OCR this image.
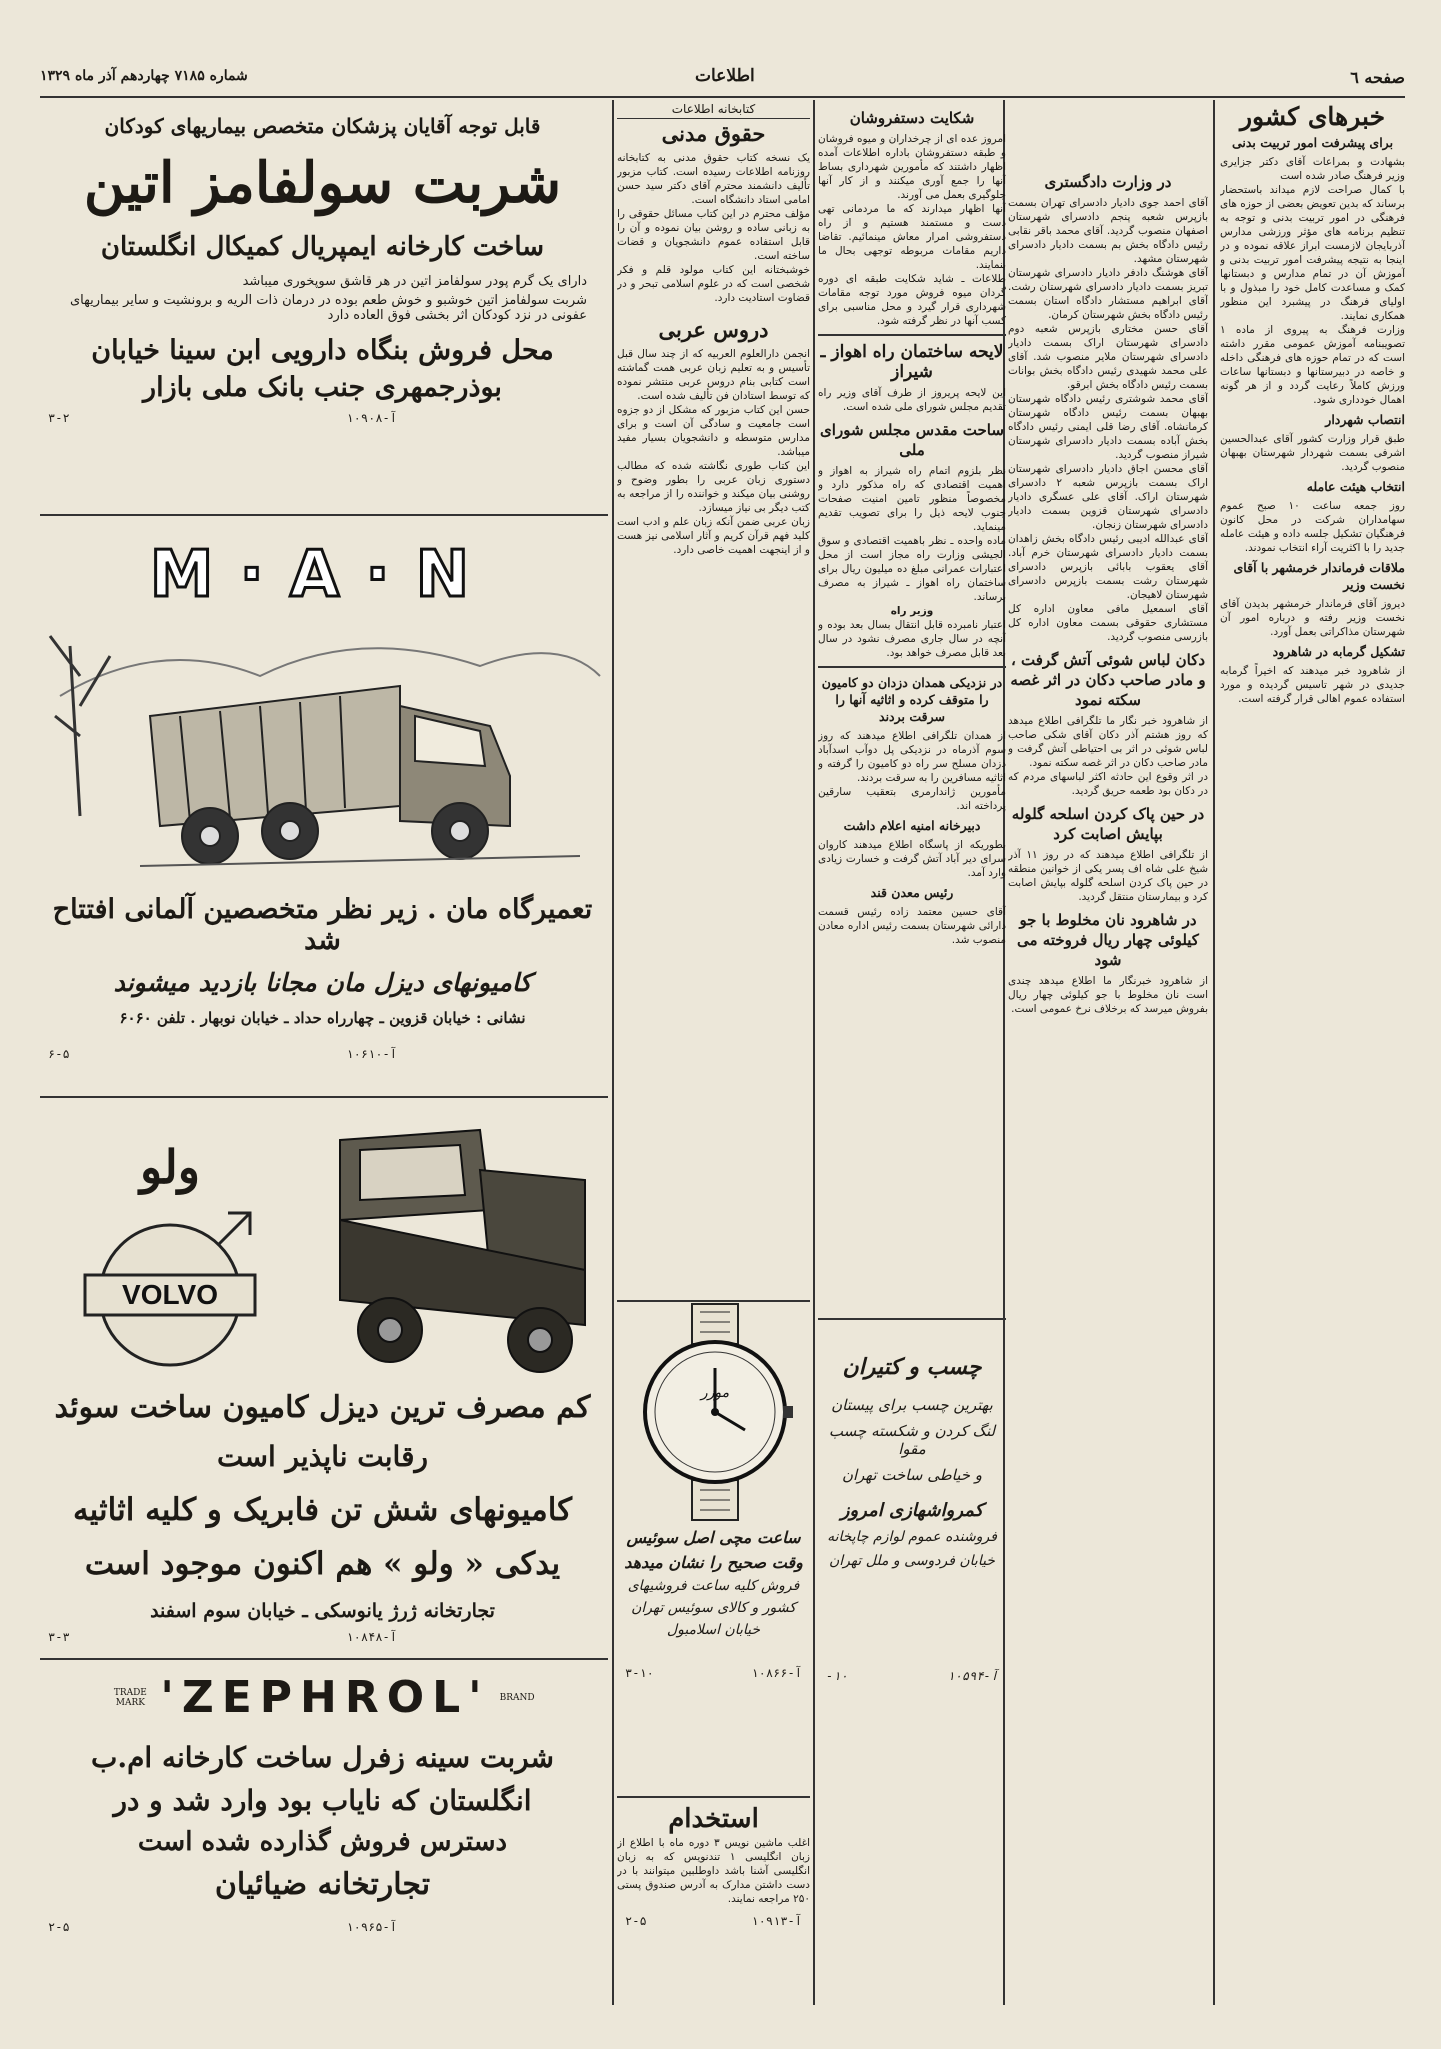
صفحه ٦
اطلاعات
شماره ۷۱۸۵ چهاردهم آذر ماه ۱۳۲۹
خبرهای کشور
برای پیشرفت امور تربیت بدنی

بشهادت و بمراعات آقای دکتر جزایری وزیر فرهنگ صادر شده است

با کمال صراحت لازم میداند باستحضار برساند که بدین تعویض بعضی از حوزه های فرهنگی در امور تربیت بدنی و توجه به تنظیم برنامه های مؤثر ورزشی مدارس آذربایجان لازمست ابراز علاقه نموده و در اینجا به نتیجه پیشرفت امور تربیت بدنی و آموزش آن در تمام مدارس و دبستانها کمک و مساعدت کامل خود را مبذول و با اولیای فرهنگ در پیشبرد این منظور همکاری نمایند.

وزارت فرهنگ به پیروی از ماده ۱ تصویبنامه آموزش عمومی مقرر داشته است که در تمام حوزه های فرهنگی داخله و خاصه در دبیرستانها و دبستانها ساعات ورزش کاملاً رعایت گردد و از هر گونه اهمال خودداری شود.

انتصاب شهردار

طبق قرار وزارت کشور آقای عبدالحسین اشرفی بسمت شهردار شهرستان بهبهان منصوب گردید.

انتخاب هیئت عامله

روز جمعه ساعت ۱۰ صبح عموم سهامداران شرکت در محل کانون فرهنگیان تشکیل جلسه داده و هیئت عامله جدید را با اکثریت آراء انتخاب نمودند.

ملاقات فرماندار خرمشهر با آقای نخست وزیر

دیروز آقای فرماندار خرمشهر بدیدن آقای نخست وزیر رفته و درباره امور آن شهرستان مذاکراتی بعمل آورد.

تشکیل گرمابه در شاهرود

از شاهرود خبر میدهند که اخیراً گرمابه جدیدی در شهر تاسیس گردیده و مورد استفاده عموم اهالی قرار گرفته است.

در وزارت دادگستری

آقای احمد جوی دادیار دادسرای تهران بسمت بازپرس شعبه پنجم دادسرای شهرستان اصفهان منصوب گردید. آقای محمد باقر نقابی رئیس دادگاه بخش بم بسمت دادیار دادسرای شهرستان مشهد.

آقای هوشنگ دادفر دادیار دادسرای شهرستان تبریز بسمت دادیار دادسرای شهرستان رشت. آقای ابراهیم مستشار دادگاه استان بسمت رئیس دادگاه بخش شهرستان کرمان.

آقای حسن مختاری بازپرس شعبه دوم دادسرای شهرستان اراک بسمت دادیار دادسرای شهرستان ملایر منصوب شد. آقای علی محمد شهیدی رئیس دادگاه بخش بوانات بسمت رئیس دادگاه بخش ابرقو.

آقای محمد شوشتری رئیس دادگاه شهرستان بهبهان بسمت رئیس دادگاه شهرستان کرمانشاه. آقای رضا قلی ایمنی رئیس دادگاه بخش آباده بسمت دادیار دادسرای شهرستان شیراز منصوب گردید.

آقای محسن اجاق دادیار دادسرای شهرستان اراک بسمت بازپرس شعبه ۲ دادسرای شهرستان اراک. آقای علی عسگری دادیار دادسرای شهرستان قزوین بسمت دادیار دادسرای شهرستان زنجان.

آقای عبدالله ادیبی رئیس دادگاه بخش زاهدان بسمت دادیار دادسرای شهرستان خرم آباد. آقای یعقوب بابائی بازپرس دادسرای شهرستان رشت بسمت بازپرس دادسرای شهرستان لاهیجان.

آقای اسمعیل مافی معاون اداره کل مستشاری حقوقی بسمت معاون اداره کل بازرسی منصوب گردید.

دکان لباس شوئی آتش گرفت ، و مادر صاحب دکان در اثر غصه سکته نمود

از شاهرود خبر نگار ما تلگرافی اطلاع میدهد که روز هشتم آذر دکان آقای شکی صاحب لباس شوئی در اثر بی احتیاطی آتش گرفت و مادر صاحب دکان در اثر غصه سکته نمود.

در اثر وقوع این حادثه اکثر لباسهای مردم که در دکان بود طعمه حریق گردید.

در حین پاک کردن اسلحه گلوله بپایش اصابت کرد

از تلگرافی اطلاع میدهند که در روز ۱۱ آذر شیخ علی شاه اف پسر یکی از خوانین منطقه در حین پاک کردن اسلحه گلوله بپایش اصابت کرد و بیمارستان منتقل گردید.

در شاهرود نان مخلوط با جو کیلوئی چهار ریال فروخته می شود

از شاهرود خبرنگار ما اطلاع میدهد چندی است نان مخلوط با جو کیلوئی چهار ریال بفروش میرسد که برخلاف نرخ عمومی است.

شکایت دستفروشان

امروز عده ای از چرخداران و میوه فروشان و طبقه دستفروشان باداره اطلاعات آمده اظهار داشتند که مأمورین شهرداری بساط آنها را جمع آوری میکنند و از کار آنها جلوگیری بعمل می آورند.

آنها اظهار میدارند که ما مردمانی تهی دست و مستمند هستیم و از راه دستفروشی امرار معاش مینمائیم. تقاضا داریم مقامات مربوطه توجهی بحال ما بنمایند.

طلاعات ـ شاید شکایت طبقه ای دوره گردان میوه فروش مورد توجه مقامات شهرداری قرار گیرد و محل مناسبی برای کسب آنها در نظر گرفته شود.

لایحه ساختمان راه اهواز ـ شیراز

این لایحه پریروز از طرف آقای وزیر راه تقدیم مجلس شورای ملی شده است.

ساحت مقدس مجلس شورای ملی

نظر بلزوم اتمام راه شیراز به اهواز و اهمیت اقتصادی که راه مذکور دارد و مخصوصاً منظور تامین امنیت صفحات جنوب لایحه ذیل را برای تصویب تقدیم مینماید.

ماده واحده ـ نظر باهمیت اقتصادی و سوق الجیشی وزارت راه مجاز است از محل اعتبارات عمرانی مبلغ ده میلیون ریال برای ساختمان راه اهواز ـ شیراز به مصرف برساند.

وزیر راه

اعتبار نامبرده قابل انتقال بسال بعد بوده و آنچه در سال جاری مصرف نشود در سال بعد قابل مصرف خواهد بود.

در نزدیکی همدان دزدان دو کامیون را متوقف کرده و اثاثیه آنها را سرقت بردند

از همدان تلگرافی اطلاع میدهند که روز سوم آذرماه در نزدیکی پل دوآب اسدآباد دزدان مسلح سر راه دو کامیون را گرفته و اثاثیه مسافرین را به سرقت بردند.

مأمورین ژاندارمری بتعقیب سارقین پرداخته اند.

دبیرخانه امنیه اعلام داشت

بطوریکه از پاسگاه اطلاع میدهند کاروان سرای دیر آباد آتش گرفت و خسارت زیادی وارد آمد.

رئیس معدن قند

آقای حسین معتمد زاده رئیس قسمت دارائی شهرستان بسمت رئیس اداره معادن منصوب شد.

چسب و کتیران
بهترین چسب برای پیستان
لنگ کردن و شکسته چسب مقوا
و خیاطی ساخت تهران
کمرواشهازی امروز
فروشنده عموم لوازم چاپخانه
خیابان فردوسی و ملل تهران
آ-۱۰۵۹۴
۱۰-
کتابخانه اطلاعات
حقوق مدنی

یک نسخه کتاب حقوق مدنی به کتابخانه روزنامه اطلاعات رسیده است. کتاب مزبور تألیف دانشمند محترم آقای دکتر سید حسن امامی استاد دانشگاه است.

مؤلف محترم در این کتاب مسائل حقوقی را به زبانی ساده و روشن بیان نموده و آن را قابل استفاده عموم دانشجویان و قضات ساخته است.

خوشبختانه این کتاب مولود قلم و فکر شخصی است که در علوم اسلامی تبحر و در قضاوت استادیت دارد.

دروس عربی

انجمن دارالعلوم العربیه که از چند سال قبل تأسیس و به تعلیم زبان عربی همت گماشته است کتابی بنام دروس عربی منتشر نموده که توسط استادان فن تألیف شده است.

حسن این کتاب مزبور که مشکل از دو جزوه است جامعیت و سادگی آن است و برای مدارس متوسطه و دانشجویان بسیار مفید میباشد.

این کتاب طوری نگاشته شده که مطالب دستوری زبان عربی را بطور وضوح و روشنی بیان میکند و خواننده را از مراجعه به کتب دیگر بی نیاز میسازد.

زبان عربی ضمن آنکه زبان علم و ادب است کلید فهم قرآن کریم و آثار اسلامی نیز هست و از اینجهت اهمیت خاصی دارد.

موزر
ساعت مچی اصل سوئیس
وقت صحیح را نشان میدهد
فروش کلیه ساعت فروشیهای
کشور و کالای سوئیس تهران
خیابان اسلامبول
آ-۱۰۸۶۶
۳-۱۰
استخدام

اغلب ماشین نویس ۳ دوره ماه با اطلاع از زبان انگلیسی ۱ تندنویس که به زبان انگلیسی آشنا باشد داوطلبین میتوانند با در دست داشتن مدارک به آدرس صندوق پستی ۲۵۰ مراجعه نمایند.

آ-۱۰۹۱۳
۲-۵
قابل توجه آقایان پزشکان متخصص بیماریهای کودکان
شربت سولفامز اتین
ساخت کارخانه ایمپریال کمیکال انگلستان
دارای یک گرم پودر سولفامز اتین در هر قاشق سوپخوری میباشد
شربت سولفامز اتین خوشبو و خوش طعم بوده در درمان ذات الریه و برونشیت و سایر بیماریهای عفونی در نزد کودکان اثر بخشی فوق العاده دارد
محل فروش بنگاه دارویی ابن سینا خیابان
بوذرجمهری جنب بانک ملی بازار
۳-۲	آ-۱۰۹۰۸
M·A·N
تعمیرگاه مان . زیر نظر متخصصین آلمانی افتتاح شد
کامیونهای دیزل مان مجانا بازدید میشوند
نشانی : خیابان قزوین ـ چهارراه حداد ـ خیابان نوبهار . تلفن ۶۰۶۰
۶-۵	آ-۱۰۶۱۰
ولو
VOLVO
کم مصرف ترین دیزل کامیون ساخت سوئد
رقابت ناپذیر است
کامیونهای شش تن فابریک و کلیه اثاثیه
یدکی « ولو » هم اکنون موجود است
تجارتخانه ژرژ یانوسکی ـ خیابان سوم اسفند
۳-۳	آ-۱۰۸۴۸
TRADE MARK 'ZEPHROL' BRAND
شربت سینه زفرل ساخت کارخانه ام.ب
انگلستان که نایاب بود وارد شد و در
دسترس فروش گذارده شده است
تجارتخانه ضیائیان
۲-۵	آ-۱۰۹۶۵
